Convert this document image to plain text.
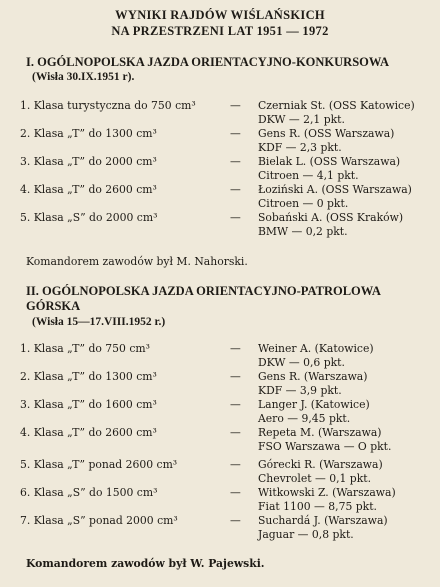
WYNIKI RAJDÓW WIŚLAŃSKICH
NA PRZESTRZENI LAT 1951 — 1972
I. OGÓLNOPOLSKA JAZDA ORIENTACYJNO-KONKURSOWA
(Wisła 30.IX.1951 r).
1. Klasa turystyczna do 750 cm³	— Czerniak St. (OSS Katowice)
DKW — 2,1 pkt.
2. Klasa „T” do 1300 cm³	— Gens R. (OSS Warszawa)
KDF — 2,3 pkt.
3. Klasa „T” do 2000 cm³	— Bielak L. (OSS Warszawa)
Citroen — 4,1 pkt.
4. Klasa „T” do 2600 cm³	— Łoziński A. (OSS Warszawa)
Citroen — 0 pkt.
5. Klasa „S” do 2000 cm³	— Sobański A. (OSS Kraków)
BMW — 0,2 pkt.
Komandorem zawodów był M. Nahorski.
II. OGÓLNOPOLSKA JAZDA ORIENTACYJNO-PATROLOWA
GÓRSKA
(Wisła 15—17.VIII.1952 r.)
1. Klasa „T” do 750 cm³	— Weiner A. (Katowice)
DKW — 0,6 pkt.
2. Klasa „T” do 1300 cm³	— Gens R. (Warszawa)
KDF — 3,9 pkt.
3. Klasa „T” do 1600 cm³	— Langer J. (Katowice)
Aero — 9,45 pkt.
4. Klasa „T” do 2600 cm³	— Repeta M. (Warszawa)
FSO Warszawa — O pkt.
5. Klasa „T” ponad 2600 cm³	— Górecki R. (Warszawa)
Chevrolet — 0,1 pkt.
6. Klasa „S” do 1500 cm³	— Witkowski Z. (Warszawa)
Fiat 1100 — 8,75 pkt.
7. Klasa „S” ponad 2000 cm³	— Suchardá J. (Warszawa)
Jaguar — 0,8 pkt.
Komandorem zawodów był W. Pajewski.
